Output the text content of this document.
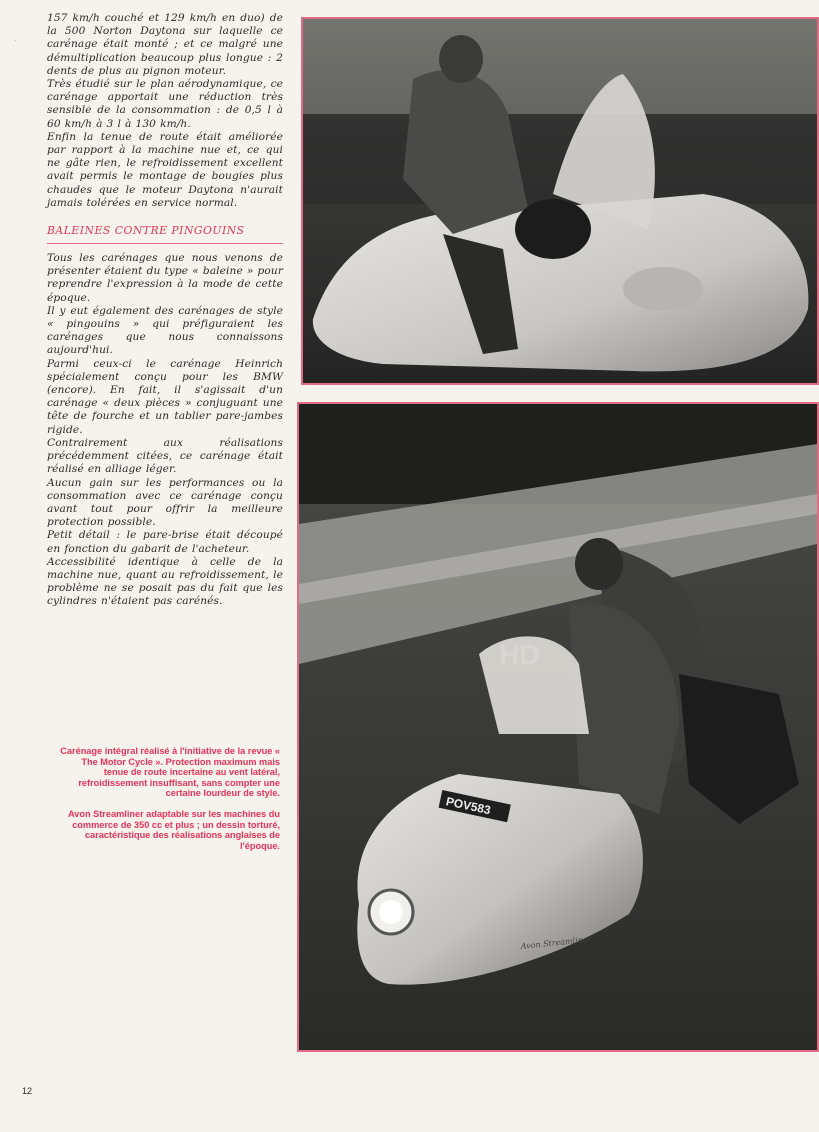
·

157 km/h couché et 129 km/h en duo) de la 500 Norton Daytona sur laquelle ce carénage était monté ; et ce malgré une démultiplication beaucoup plus longue : 2 dents de plus au pignon moteur.

Très étudié sur le plan aérodynamique, ce carénage apportait une réduction très sensible de la consommation : de 0,5 l à 60 km/h à 3 l à 130 km/h.

Enfin la tenue de route était améliorée par rapport à la machine nue et, ce qui ne gâte rien, le refroidissement excellent avait permis le montage de bougies plus chaudes que le moteur Daytona n'aurait jamais tolérées en service normal.

BALEINES CONTRE PINGOUINS

Tous les carénages que nous venons de présenter étaient du type « baleine » pour reprendre l'expression à la mode de cette époque.

Il y eut également des carénages de style « pingouins » qui préfiguraient les carénages que nous connaissons aujourd'hui.

Parmi ceux-ci le carénage Heinrich spécialement conçu pour les BMW (encore). En fait, il s'agissait d'un carénage « deux pièces » conjuguant une tête de fourche et un tablier pare-jambes rigide.

Contrairement aux réalisations précédemment citées, ce carénage était réalisé en alliage léger.

Aucun gain sur les performances ou la consommation avec ce carénage conçu avant tout pour offrir la meilleure protection possible.

Petit détail : le pare-brise était découpé en fonction du gabarit de l'acheteur.

Accessibilité identique à celle de la machine nue, quant au refroidissement, le problème ne se posait pas du fait que les cylindres n'étaient pas carénés.

Carénage intégral réalisé à l'initiative de la revue « The Motor Cycle ». Protection maximum mais tenue de route incertaine au vent latéral, refroidissement insuffisant, sans compter une certaine lourdeur de style.

Avon Streamliner adaptable sur les machines du commerce de 350 cc et plus ; un dessin torturé, caractéristique des réalisations anglaises de l'époque.

POV583
Avon Streamliner
HD
12
